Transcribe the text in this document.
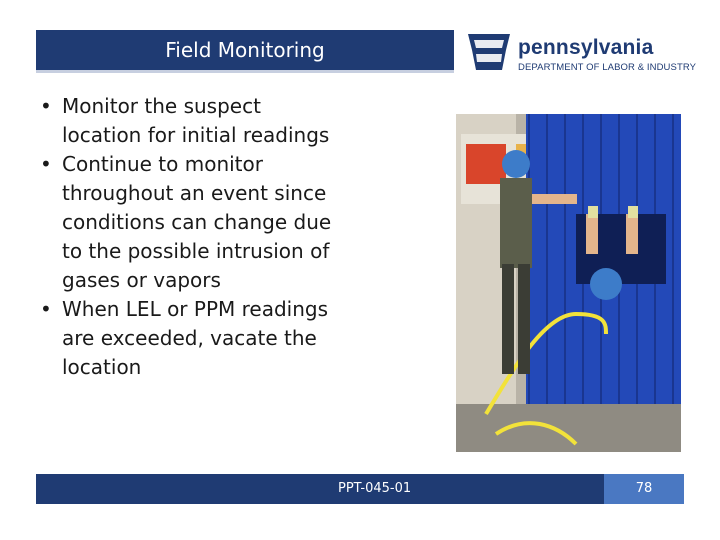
Field Monitoring	pennsylvania
DEPARTMENT OF LABOR & INDUSTRY
• Monitor the suspect location for initial readings
• Continue to monitor throughout an event since conditions can change due to the possible intrusion of gases or vapors
• When LEL or PPM readings are exceeded, vacate the location
PPT-045-01	78
